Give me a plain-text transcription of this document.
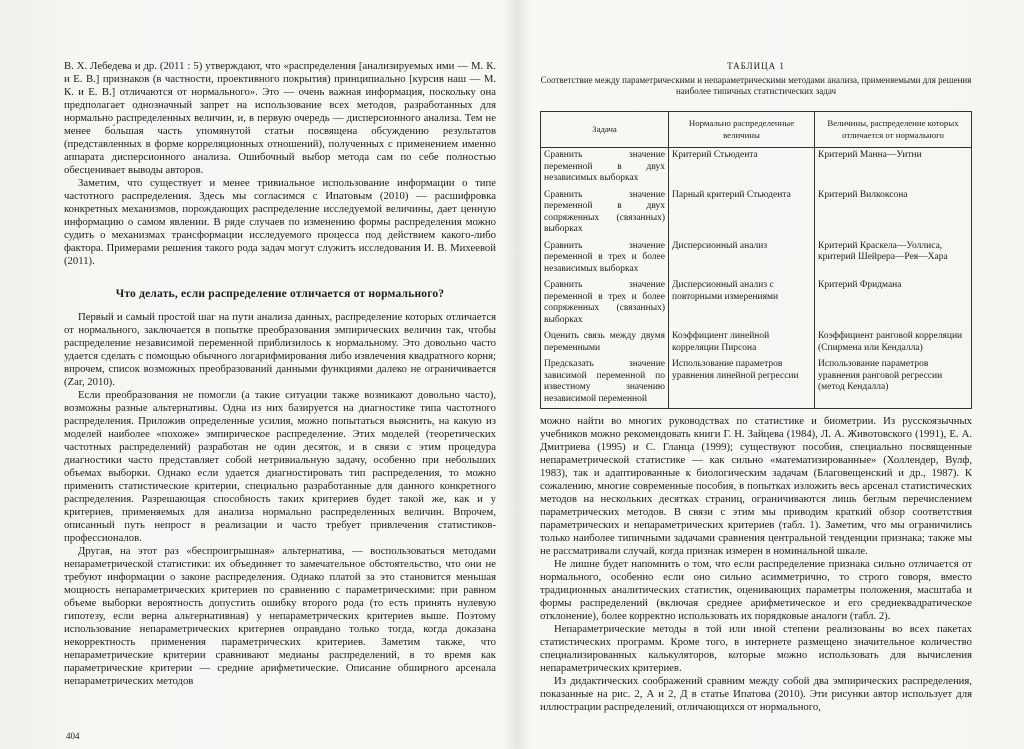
В. Х. Лебедева и др. (2011 : 5) утверждают, что «распределения [анализируемых ими — М. К. и Е. В.] признаков (в частности, проективного покрытия) принципиально [курсив наш — М. К. и Е. В.] отличаются от нормального». Это — очень важная информация, поскольку она предполагает однозначный запрет на использование всех методов, разработанных для нормально распределенных величин, и, в первую очередь — дисперсионного анализа. Тем не менее бо́льшая часть упомянутой статьи посвящена обсуждению результатов (представленных в форме корреляционных отношений), полученных с применением именно аппарата дисперсионного анализа. Ошибочный выбор метода сам по себе полностью обесценивает выводы авторов.

Заметим, что существует и менее тривиальное использование информации о типе частотного распределения. Здесь мы согласимся с Ипатовым (2010) — расшифровка конкретных механизмов, порождающих распределение исследуемой величины, дает ценную информацию о самом явлении. В ряде случаев по изменению формы распределения можно судить о механизмах трансформации исследуемого процесса под действием какого-либо фактора. Примерами решения такого рода задач могут служить исследования И. В. Михеевой (2011).

Что делать, если распределение отличается от нормального?

Первый и самый простой шаг на пути анализа данных, распределение которых отличается от нормального, заключается в попытке преобразования эмпирических величин так, чтобы распределение независимой переменной приблизилось к нормальному. Это довольно часто удается сделать с помощью обычного логарифмирования либо извлечения квадратного корня; впрочем, список возможных преобразований данными функциями далеко не ограничивается (Zar, 2010).

Если преобразования не помогли (а такие ситуации также возникают довольно часто), возможны разные альтернативы. Одна из них базируется на диагностике типа частотного распределения. Приложив определенные усилия, можно попытаться выяснить, на какую из моделей наиболее «похоже» эмпирическое распределение. Этих моделей (теоретических частотных распределений) разработан не один десяток, и в связи с этим процедура диагностики часто представляет собой нетривиальную задачу, особенно при небольших объемах выборки. Однако если удается диагностировать тип распределения, то можно применить статистические критерии, специально разработанные для данного конкретного распределения. Разрешающая способность таких критериев будет такой же, как и у критериев, применяемых для анализа нормально распределенных величин. Впрочем, описанный путь непрост в реализации и часто требует привлечения статистиков-профессионалов.

Другая, на этот раз «беспроигрышная» альтернатива, — воспользоваться методами непараметрической статистики: их объединяет то замечательное обстоятельство, что они не требуют информации о законе распределения. Однако платой за это становится меньшая мощность непараметрических критериев по сравнению с параметрическими: при равном объеме выборки вероятность допустить ошибку второго рода (то есть принять нулевую гипотезу, если верна альтернативная) у непараметрических критериев выше. Поэтому использование непараметрических критериев оправдано только тогда, когда доказана некорректность применения параметрических критериев. Заметим также, что непараметрические критерии сравнивают медианы распределений, в то время как параметрические критерии — средние арифметические. Описание обширного арсенала непараметрических методов

404
ТАБЛИЦА 1
Соответствие между параметрическими и непараметрическими методами анализа, применяемыми для решения наиболее типичных статистических задач
Задача	Нормально распределенные величины	Величины, распределение которых отличается от нормального
Сравнить значение переменной в двух независимых выборках	Критерий Стьюдента	Критерий Манна—Уитни
Сравнить значение переменной в двух сопряженных (связанных) выборках	Парный критерий Стьюдента	Критерий Вилкоксона
Сравнить значение переменной в трех и более независимых выборках	Дисперсионный анализ	Критерий Краскела—Уоллиса, критерий Шейрера—Рея—Хара
Сравнить значение переменной в трех и более сопряженных (связанных) выборках	Дисперсионный анализ с повторными измерениями	Критерий Фридмана
Оценить связь между двумя переменными	Коэффициент линейной корреляции Пирсона	Коэффициент ранговой корреляции (Спирмена или Кендалла)
Предсказать значение зависимой переменной по известному значению независимой переменной	Использование параметров уравнения линейной регрессии	Использование параметров уравнения ранговой регрессии (метод Кендалла)

можно найти во многих руководствах по статистике и биометрии. Из русскоязычных учебников можно рекомендовать книги Г. Н. Зайцева (1984), Л. А. Животовского (1991), Е. А. Дмитриева (1995) и С. Гланца (1999); существуют пособия, специально посвященные непараметрической статистике — как сильно «математизированные» (Холлендер, Вулф, 1983), так и адаптированные к биологическим задачам (Благовещенский и др., 1987). К сожалению, многие современные пособия, в попытках изложить весь арсенал статистических методов на нескольких десятках страниц, ограничиваются лишь беглым перечислением параметрических методов. В связи с этим мы приводим краткий обзор соответствия параметрических и непараметрических критериев (табл. 1). Заметим, что мы ограничились только наиболее типичными задачами сравнения центральной тенденции признака; также мы не рассматривали случай, когда признак измерен в номинальной шкале.

Не лишне будет напомнить о том, что если распределение признака сильно отличается от нормального, особенно если оно сильно асимметрично, то строго говоря, вместо традиционных аналитических статистик, оценивающих параметры положения, масштаба и формы распределений (включая среднее арифметическое и его среднеквадратическое отклонение), более корректно использовать их порядковые аналоги (табл. 2).

Непараметрические методы в той или иной степени реализованы во всех пакетах статистических программ. Кроме того, в интернете размещено значительное количество специализированных калькуляторов, которые можно использовать для вычисления непараметрических критериев.

Из дидактических соображений сравним между собой два эмпирических распределения, показанные на рис. 2, А и 2, Д в статье Ипатова (2010). Эти рисунки автор использует для иллюстрации распределений, отличающихся от нормального,
